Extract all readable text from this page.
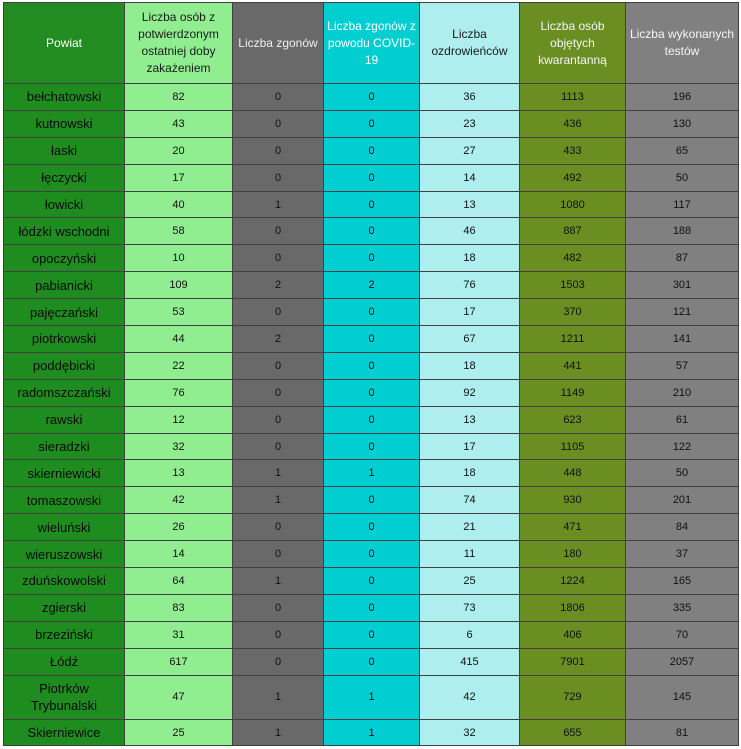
Powiat	Liczba osób z potwierdzonym ostatniej doby zakażeniem	Liczba zgonów	Liczba zgonów z powodu COVID-19	Liczba ozdrowieńców	Liczba osób objętych kwarantanną	Liczba wykonanych testów
bełchatowski	82	0	0	36	1113	196
kutnowski	43	0	0	23	436	130
łaski	20	0	0	27	433	65
łęczycki	17	0	0	14	492	50
łowicki	40	1	0	13	1080	117
łódzki wschodni	58	0	0	46	887	188
opoczyński	10	0	0	18	482	87
pabianicki	109	2	2	76	1503	301
pajęczański	53	0	0	17	370	121
piotrkowski	44	2	0	67	1211	141
poddębicki	22	0	0	18	441	57
radomszczański	76	0	0	92	1149	210
rawski	12	0	0	13	623	61
sieradzki	32	0	0	17	1105	122
skierniewicki	13	1	1	18	448	50
tomaszowski	42	1	0	74	930	201
wieluński	26	0	0	21	471	84
wieruszowski	14	0	0	11	180	37
zduńskowolski	64	1	0	25	1224	165
zgierski	83	0	0	73	1806	335
brzeziński	31	0	0	6	406	70
Łódź	617	0	0	415	7901	2057
Piotrków Trybunalski	47	1	1	42	729	145
Skierniewice	25	1	1	32	655	81
